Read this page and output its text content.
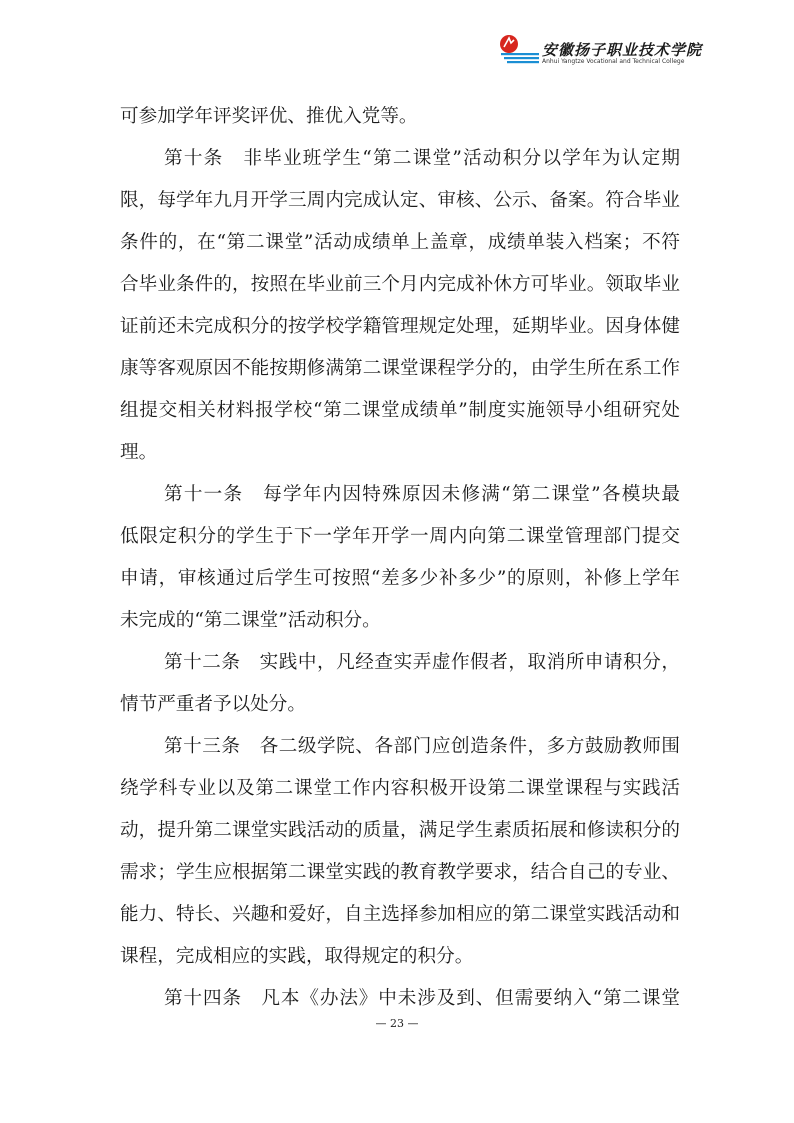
安徽扬子职业技术学院
Anhui Yangtze Vocational and Technical College
可参加学年评奖评优、推优入党等。
第十条　非毕业班学生“第二课堂”活动积分以学年为认定期
限，每学年九月开学三周内完成认定、审核、公示、备案。符合毕业
条件的，在“第二课堂”活动成绩单上盖章，成绩单装入档案；不符
合毕业条件的，按照在毕业前三个月内完成补休方可毕业。领取毕业
证前还未完成积分的按学校学籍管理规定处理，延期毕业。因身体健
康等客观原因不能按期修满第二课堂课程学分的，由学生所在系工作
组提交相关材料报学校“第二课堂成绩单”制度实施领导小组研究处
理。
第十一条　每学年内因特殊原因未修满“第二课堂”各模块最
低限定积分的学生于下一学年开学一周内向第二课堂管理部门提交
申请，审核通过后学生可按照“差多少补多少”的原则，补修上学年
未完成的“第二课堂”活动积分。
第十二条　实践中，凡经查实弄虚作假者，取消所申请积分，
情节严重者予以处分。
第十三条　各二级学院、各部门应创造条件，多方鼓励教师围
绕学科专业以及第二课堂工作内容积极开设第二课堂课程与实践活
动，提升第二课堂实践活动的质量，满足学生素质拓展和修读积分的
需求；学生应根据第二课堂实践的教育教学要求，结合自己的专业、
能力、特长、兴趣和爱好，自主选择参加相应的第二课堂实践活动和
课程，完成相应的实践，取得规定的积分。
第十四条　凡本《办法》中未涉及到、但需要纳入“第二课堂
— 23 —
